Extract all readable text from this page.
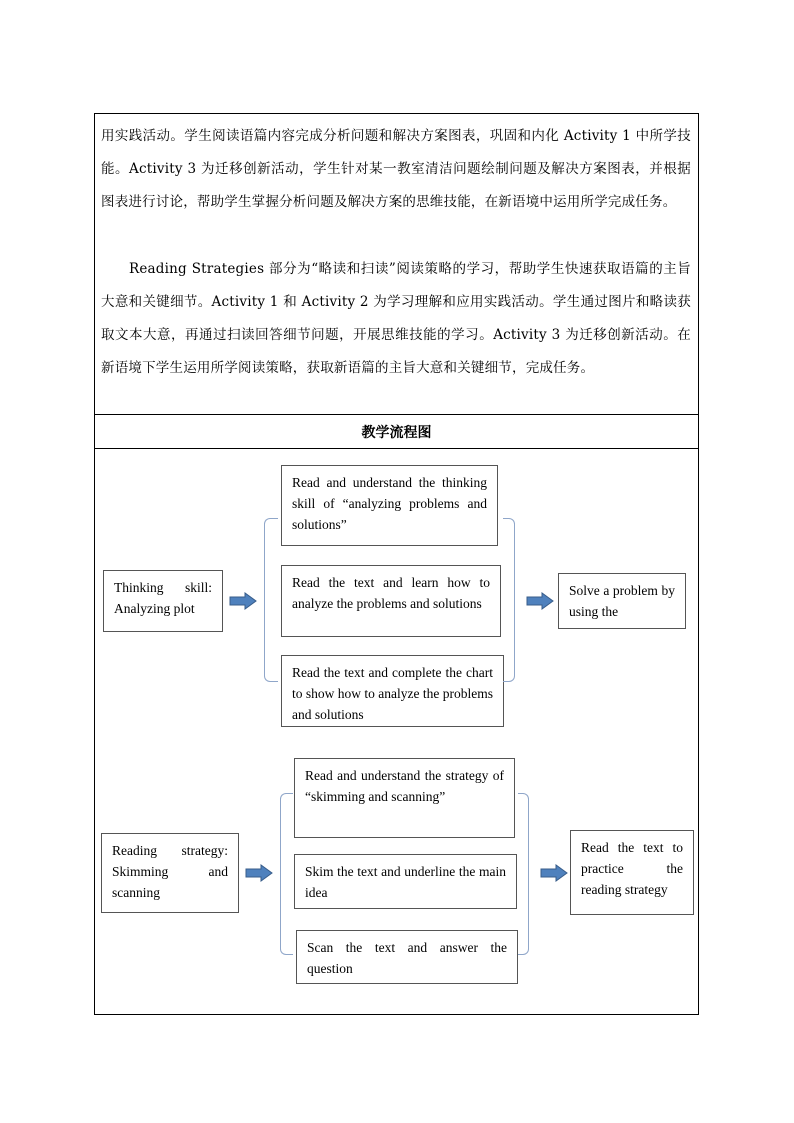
用实践活动。学生阅读语篇内容完成分析问题和解决方案图表，巩固和内化 Activity 1 中所学技能。Activity 3 为迁移创新活动，学生针对某一教室清洁问题绘制问题及解决方案图表，并根据图表进行讨论，帮助学生掌握分析问题及解决方案的思维技能，在新语境中运用所学完成任务。

Reading Strategies 部分为“略读和扫读”阅读策略的学习，帮助学生快速获取语篇的主旨大意和关键细节。Activity 1 和 Activity 2 为学习理解和应用实践活动。学生通过图片和略读获取文本大意，再通过扫读回答细节问题，开展思维技能的学习。Activity 3 为迁移创新活动。在新语境下学生运用所学阅读策略，获取新语篇的主旨大意和关键细节，完成任务。

教学流程图
Thinking skill: Analyzing plot
Read and understand the thinking skill of “analyzing problems and solutions”
Read the text and learn how to analyze the problems and solutions
Read the text and complete the chart to show how to analyze the problems and solutions
Solve a problem by using the
Reading strategy: Skimming and scanning
Read and understand the strategy of “skimming and scanning”
Skim the text and underline the main idea
Scan the text and answer the question
Read the text to practice the reading strategy
